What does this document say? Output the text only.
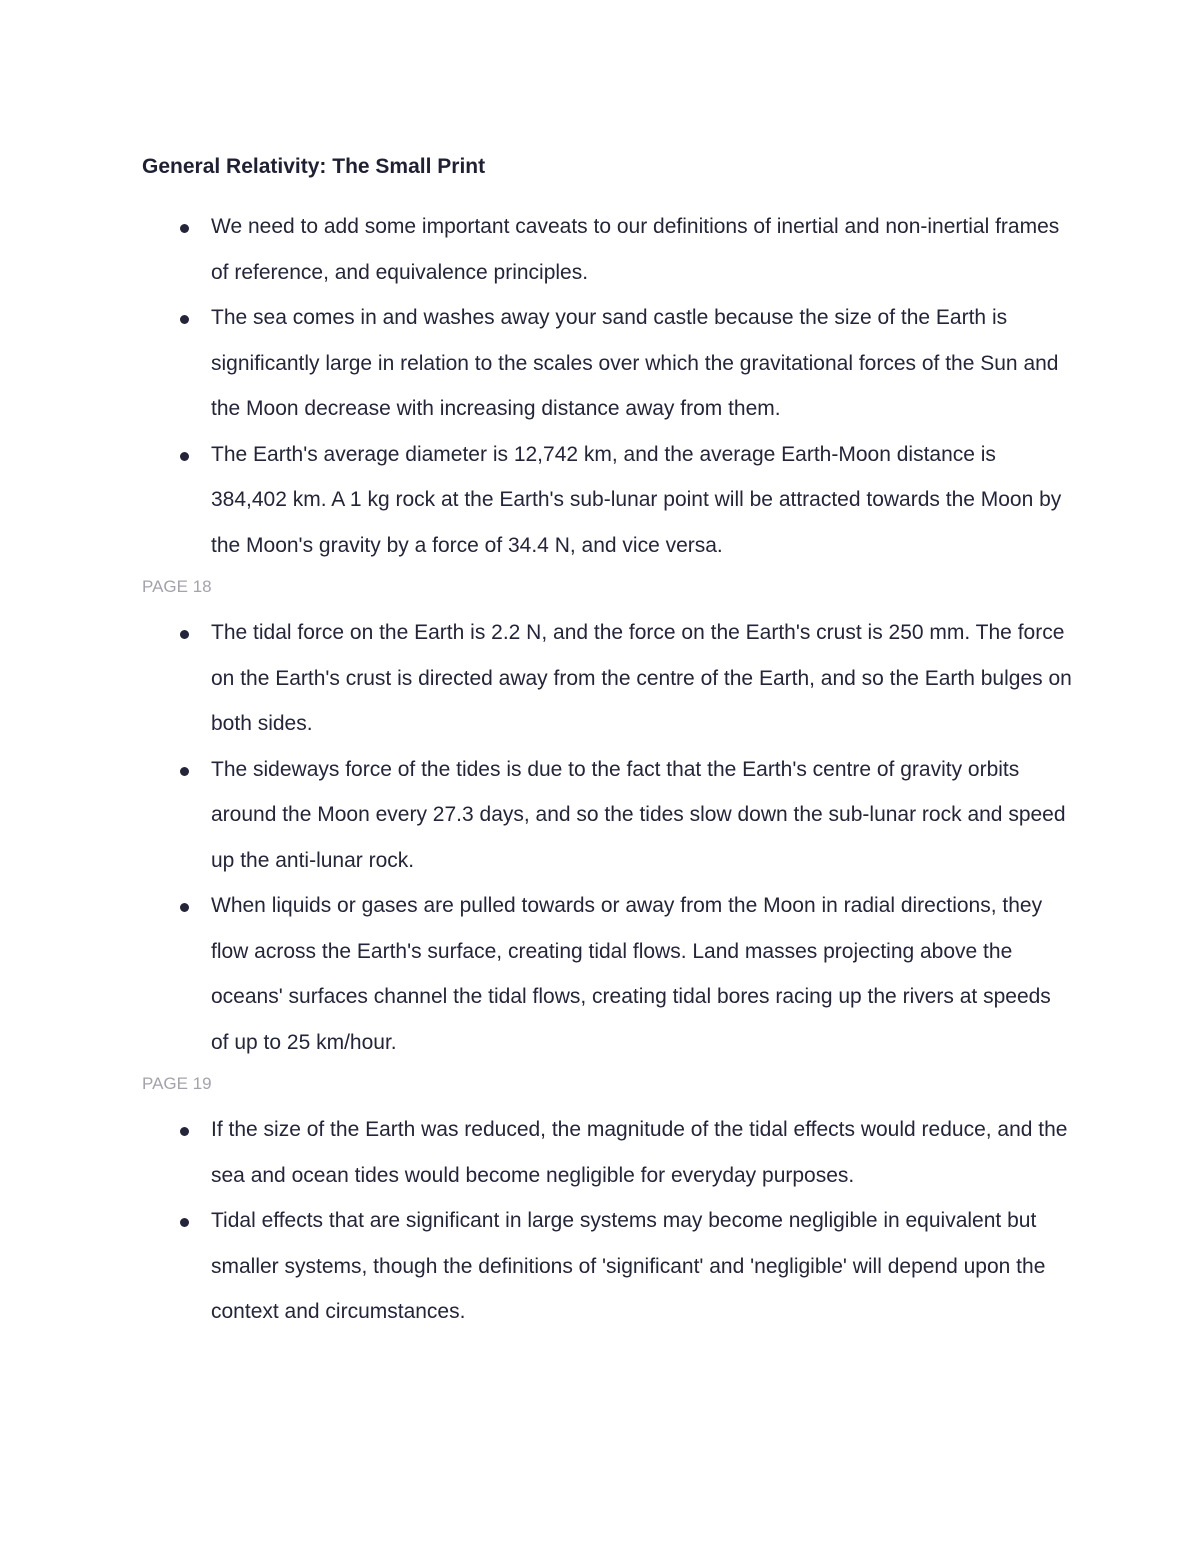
General Relativity: The Small Print
We need to add some important caveats to our definitions of inertial and non-inertial frames of reference, and equivalence principles.
The sea comes in and washes away your sand castle because the size of the Earth is significantly large in relation to the scales over which the gravitational forces of the Sun and the Moon decrease with increasing distance away from them.
The Earth's average diameter is 12,742 km, and the average Earth-Moon distance is 384,402 km. A 1 kg rock at the Earth's sub-lunar point will be attracted towards the Moon by the Moon's gravity by a force of 34.4 N, and vice versa.
PAGE 18
The tidal force on the Earth is 2.2 N, and the force on the Earth's crust is 250 mm. The force on the Earth's crust is directed away from the centre of the Earth, and so the Earth bulges on both sides.
The sideways force of the tides is due to the fact that the Earth's centre of gravity orbits around the Moon every 27.3 days, and so the tides slow down the sub-lunar rock and speed up the anti-lunar rock.
When liquids or gases are pulled towards or away from the Moon in radial directions, they flow across the Earth's surface, creating tidal flows. Land masses projecting above the oceans' surfaces channel the tidal flows, creating tidal bores racing up the rivers at speeds of up to 25 km/hour.
PAGE 19
If the size of the Earth was reduced, the magnitude of the tidal effects would reduce, and the sea and ocean tides would become negligible for everyday purposes.
Tidal effects that are significant in large systems may become negligible in equivalent but smaller systems, though the definitions of 'significant' and 'negligible' will depend upon the context and circumstances.
